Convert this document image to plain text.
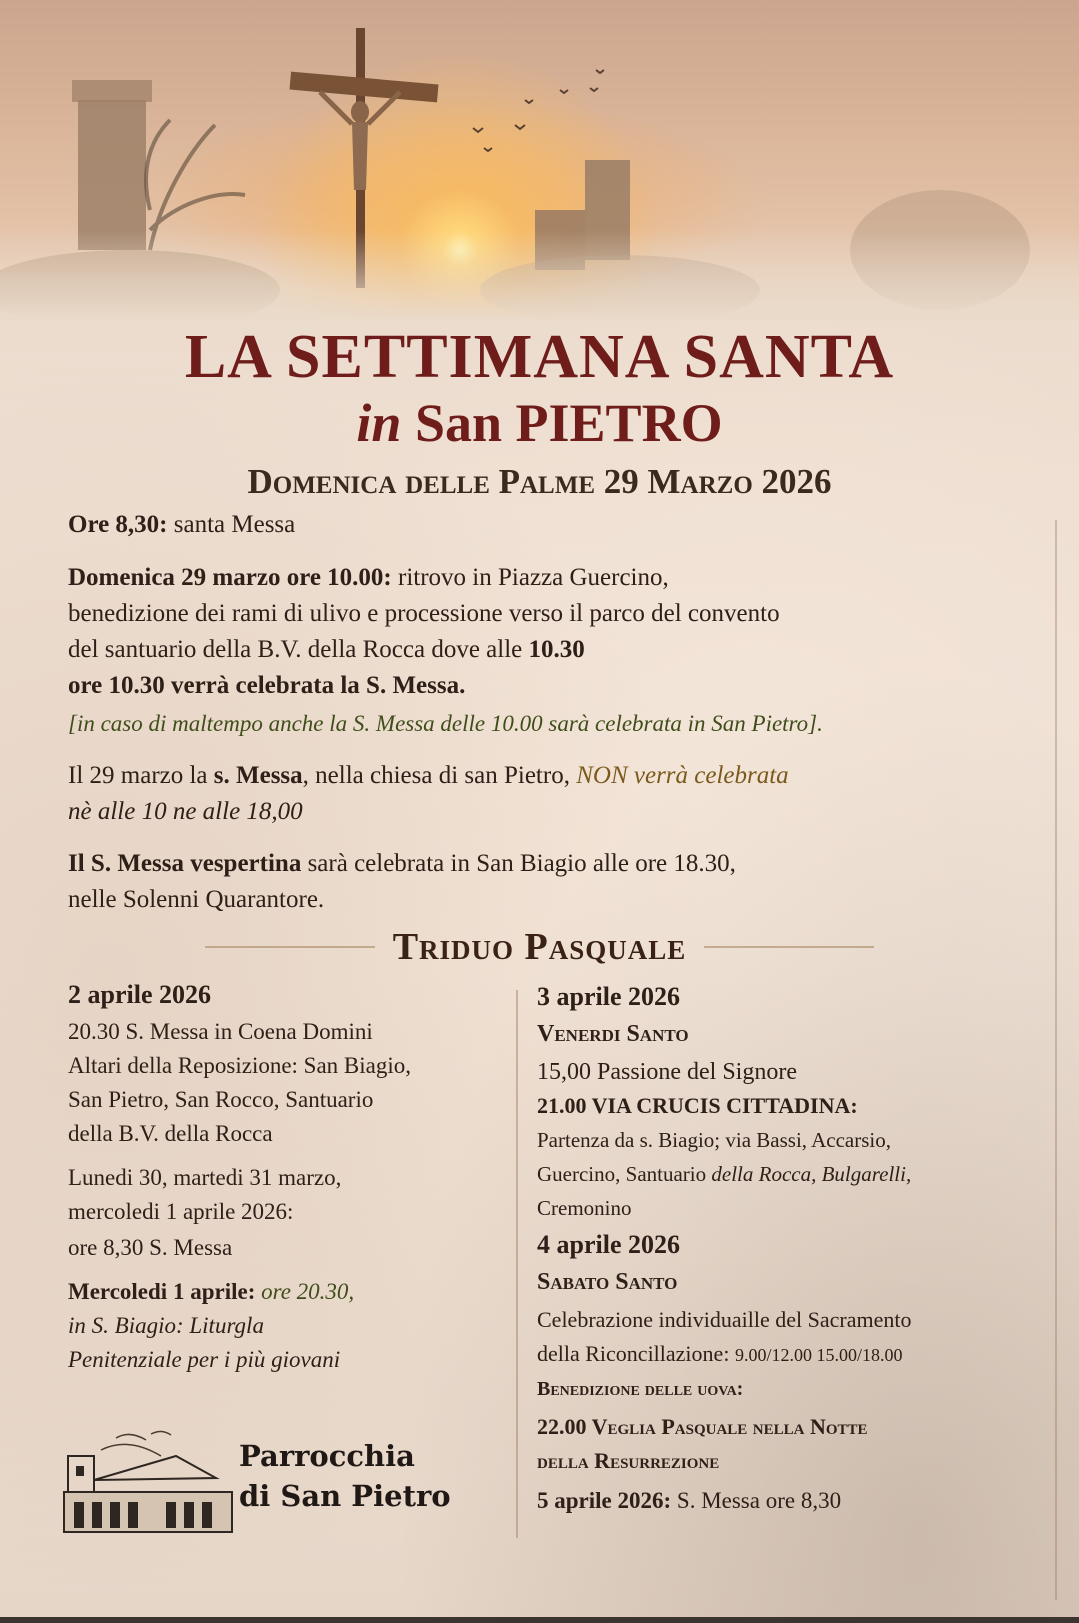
LA SETTIMANA SANTA
in San PIETRO
Domenica delle Palme 29 Marzo 2026

Ore 8,30: santa Messa

Domenica 29 marzo ore 10.00: ritrovo in Piazza Guercino,

benedizione dei rami di ulivo e processione verso il parco del convento

del santuario della B.V. della Rocca dove alle 10.30

ore 10.30 verrà celebrata la S. Messa.

[in caso di maltempo anche la S. Messa delle 10.00 sarà celebrata in San Pietro].

Il 29 marzo la s. Messa, nella chiesa di san Pietro, NON verrà celebrata

nè alle 10 ne alle 18,00

Il S. Messa vespertina sarà celebrata in San Biagio alle ore 18.30,

nelle Solenni Quarantore.

Triduo Pasquale

2 aprile 2026

20.30 S. Messa in Coena Domini

Altari della Reposizione: San Biagio,

San Pietro, San Rocco, Santuario

della B.V. della Rocca

Lunedi 30, martedi 31 marzo,

mercoledi 1 aprile 2026:

ore 8,30 S. Messa

Mercoledi 1 aprile: ore 20.30,

in S. Biagio: Liturgla

Penitenziale per i più giovani

3 aprile 2026

Venerdi Santo

15,00 Passione del Signore

21.00 VIA CRUCIS CITTADINA:

Partenza da s. Biagio; via Bassi, Accarsio,

Guercino, Santuario della Rocca, Bulgarelli,

Cremonino

4 aprile 2026

Sabato Santo

Celebrazione individuaille del Sacramento

della Riconcillazione: 9.00/12.00 15.00/18.00

Benedizione delle uova:

22.00 Veglia Pasquale nella Notte

della Resurrezione

5 aprile 2026: S. Messa ore 8,30

Parrocchia
di San Pietro
